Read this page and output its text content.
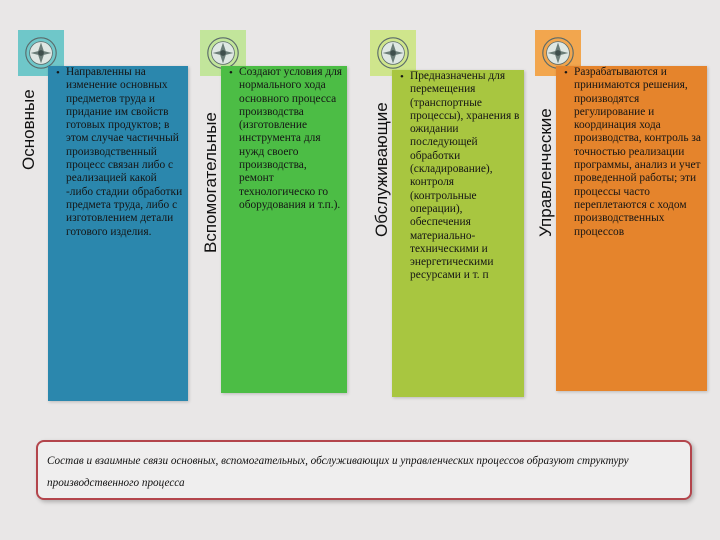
Основные
• Направленны на изменение основных предметов труда и придание им свойств готовых продуктов; в этом случае частичный производственный процесс связан либо с реализацией какой -либо стадии обработки предмета труда, либо с изготовлением детали готового изделия.	Вспомогательные
• Создают условия для нормального хода основного процесса производства (изготовление инструмента для нужд своего производства, ремонт технологическо го оборудования и т.п.). Обслуживающие
• Предназначены для перемещения (транспортные процессы), хранения в ожидании последующей обработки (складирование), контроля (контрольные операции), обеспечения материально-техническими и энергетическими ресурсами и т. п
Управленческие
• Разрабатываются и принимаются решения, производятся регулирование и координация хода производства, контроль за точностью реализации программы, анализ и учет проведенной работы; эти процессы часто переплетаются с ходом производственных процессов
Состав и взаимные связи основных, вспомогательных, обслуживающих и управленческих процессов образуют структуру производственного процесса
